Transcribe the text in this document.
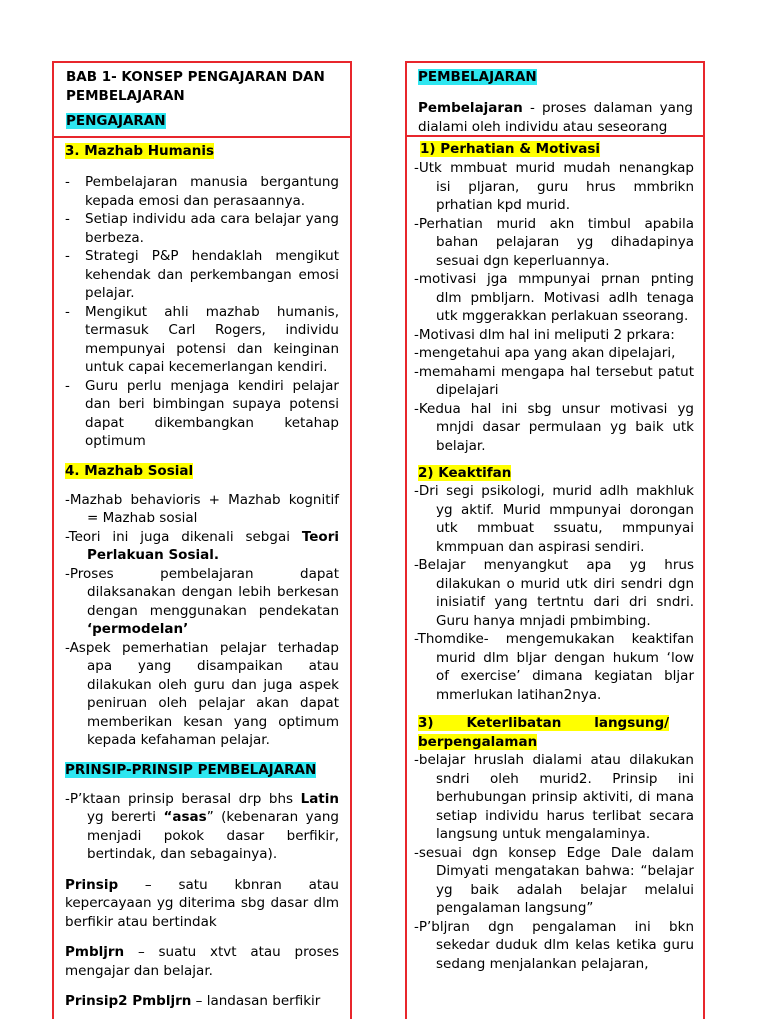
BAB 1- KONSEP PENGAJARAN DAN
PEMBELAJARAN
PENGAJARAN
PEMBELAJARAN

Pembelajaran - proses dalaman yang dialami oleh individu atau seseorang

3. Mazhab Humanis
- Pembelajaran manusia bergantung kepada emosi dan perasaannya.
- Setiap individu ada cara belajar yang berbeza.
- Strategi P&P hendaklah mengikut kehendak dan perkembangan emosi pelajar.
- Mengikut ahli mazhab humanis, termasuk Carl Rogers, individu mempunyai potensi dan keinginan untuk capai kecemerlangan kendiri.
- Guru perlu menjaga kendiri pelajar dan beri bimbingan supaya potensi dapat dikembangkan ketahap optimum
4. Mazhab Sosial

-Mazhab behavioris + Mazhab kognitif = Mazhab sosial

-Teori ini juga dikenali sebgai Teori Perlakuan Sosial.

-Proses pembelajaran dapat dilaksanakan dengan lebih berkesan dengan menggunakan pendekatan ‘permodelan’

-Aspek pemerhatian pelajar terhadap apa yang disampaikan atau dilakukan oleh guru dan juga aspek peniruan oleh pelajar akan dapat memberikan kesan yang optimum kepada kefahaman pelajar.

PRINSIP-PRINSIP PEMBELAJARAN

-P’ktaan prinsip berasal drp bhs Latin yg bererti “asas” (kebenaran yang menjadi pokok dasar berfikir, bertindak, dan sebagainya).

Prinsip – satu kbnran atau kepercayaan yg diterima sbg dasar dlm berfikir atau bertindak

Pmbljrn – suatu xtvt atau proses mengajar dan belajar.

Prinsip2 Pmbljrn – landasan berfikir

1) Perhatian & Motivasi

-Utk mmbuat murid mudah nenangkap isi pljaran, guru hrus mmbrikn prhatian kpd murid.

-Perhatian murid akn timbul apabila bahan pelajaran yg dihadapinya sesuai dgn keperluannya.

-motivasi jga mmpunyai prnan pnting dlm pmbljarn. Motivasi adlh tenaga utk mggerakkan perlakuan sseorang.

-Motivasi dlm hal ini meliputi 2 prkara:

-mengetahui apa yang akan dipelajari,

-memahami mengapa hal tersebut patut dipelajari

-Kedua hal ini sbg unsur motivasi yg mnjdi dasar permulaan yg baik utk belajar.

2) Keaktifan

-Dri segi psikologi, murid adlh makhluk yg aktif. Murid mmpunyai dorongan utk mmbuat ssuatu, mmpunyai kmmpuan dan aspirasi sendiri.

-Belajar menyangkut apa yg hrus dilakukan o murid utk diri sendri dgn inisiatif yang tertntu dari dri sndri. Guru hanya mnjadi pmbimbing.

-Thomdike- mengemukakan keaktifan murid dlm bljar dengan hukum ‘low of exercise’ dimana kegiatan bljar mmerlukan latihan2nya.

3)       Keterlibatan       langsung/
berpengalaman

-belajar hruslah dialami atau dilakukan sndri oleh murid2. Prinsip ini berhubungan prinsip aktiviti, di mana setiap individu harus terlibat secara langsung untuk mengalaminya.

-sesuai dgn konsep Edge Dale dalam Dimyati mengatakan bahwa: “belajar yg baik adalah belajar melalui pengalaman langsung”

-P’bljran dgn pengalaman ini bkn sekedar duduk dlm kelas ketika guru sedang menjalankan pelajaran,
